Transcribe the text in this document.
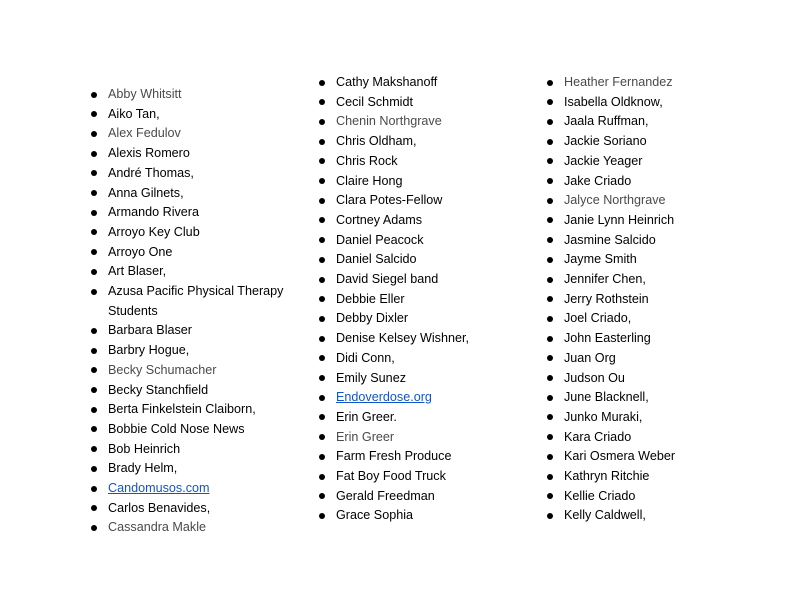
Abby Whitsitt
Aiko Tan,
Alex Fedulov
Alexis Romero
André Thomas,
Anna Gilnets,
Armando Rivera
Arroyo Key Club
Arroyo One
Art Blaser,
Azusa Pacific Physical Therapy Students
Barbara Blaser
Barbry Hogue,
Becky Schumacher
Becky Stanchfield
Berta Finkelstein Claiborn,
Bobbie Cold Nose News
Bob Heinrich
Brady Helm,
Candomusos.com
Carlos Benavides,
Cassandra Makle
Cathy Makshanoff
Cecil Schmidt
Chenin Northgrave
Chris Oldham,
Chris Rock
Claire Hong
Clara Potes-Fellow
Cortney Adams
Daniel Peacock
Daniel Salcido
David Siegel band
Debbie Eller
Debby Dixler
Denise Kelsey Wishner,
Didi Conn,
Emily Sunez
Endoverdose.org
Erin Greer.
Erin Greer
Farm Fresh Produce
Fat Boy Food Truck
Gerald Freedman
Grace Sophia
Heather Fernandez
Isabella Oldknow,
Jaala Ruffman,
Jackie Soriano
Jackie Yeager
Jake Criado
Jalyce Northgrave
Janie Lynn Heinrich
Jasmine Salcido
Jayme Smith
Jennifer Chen,
Jerry Rothstein
Joel Criado,
John Easterling
Juan Org
Judson Ou
June Blacknell,
Junko Muraki,
Kara Criado
Kari Osmera Weber
Kathryn Ritchie
Kellie Criado
Kelly Caldwell,
